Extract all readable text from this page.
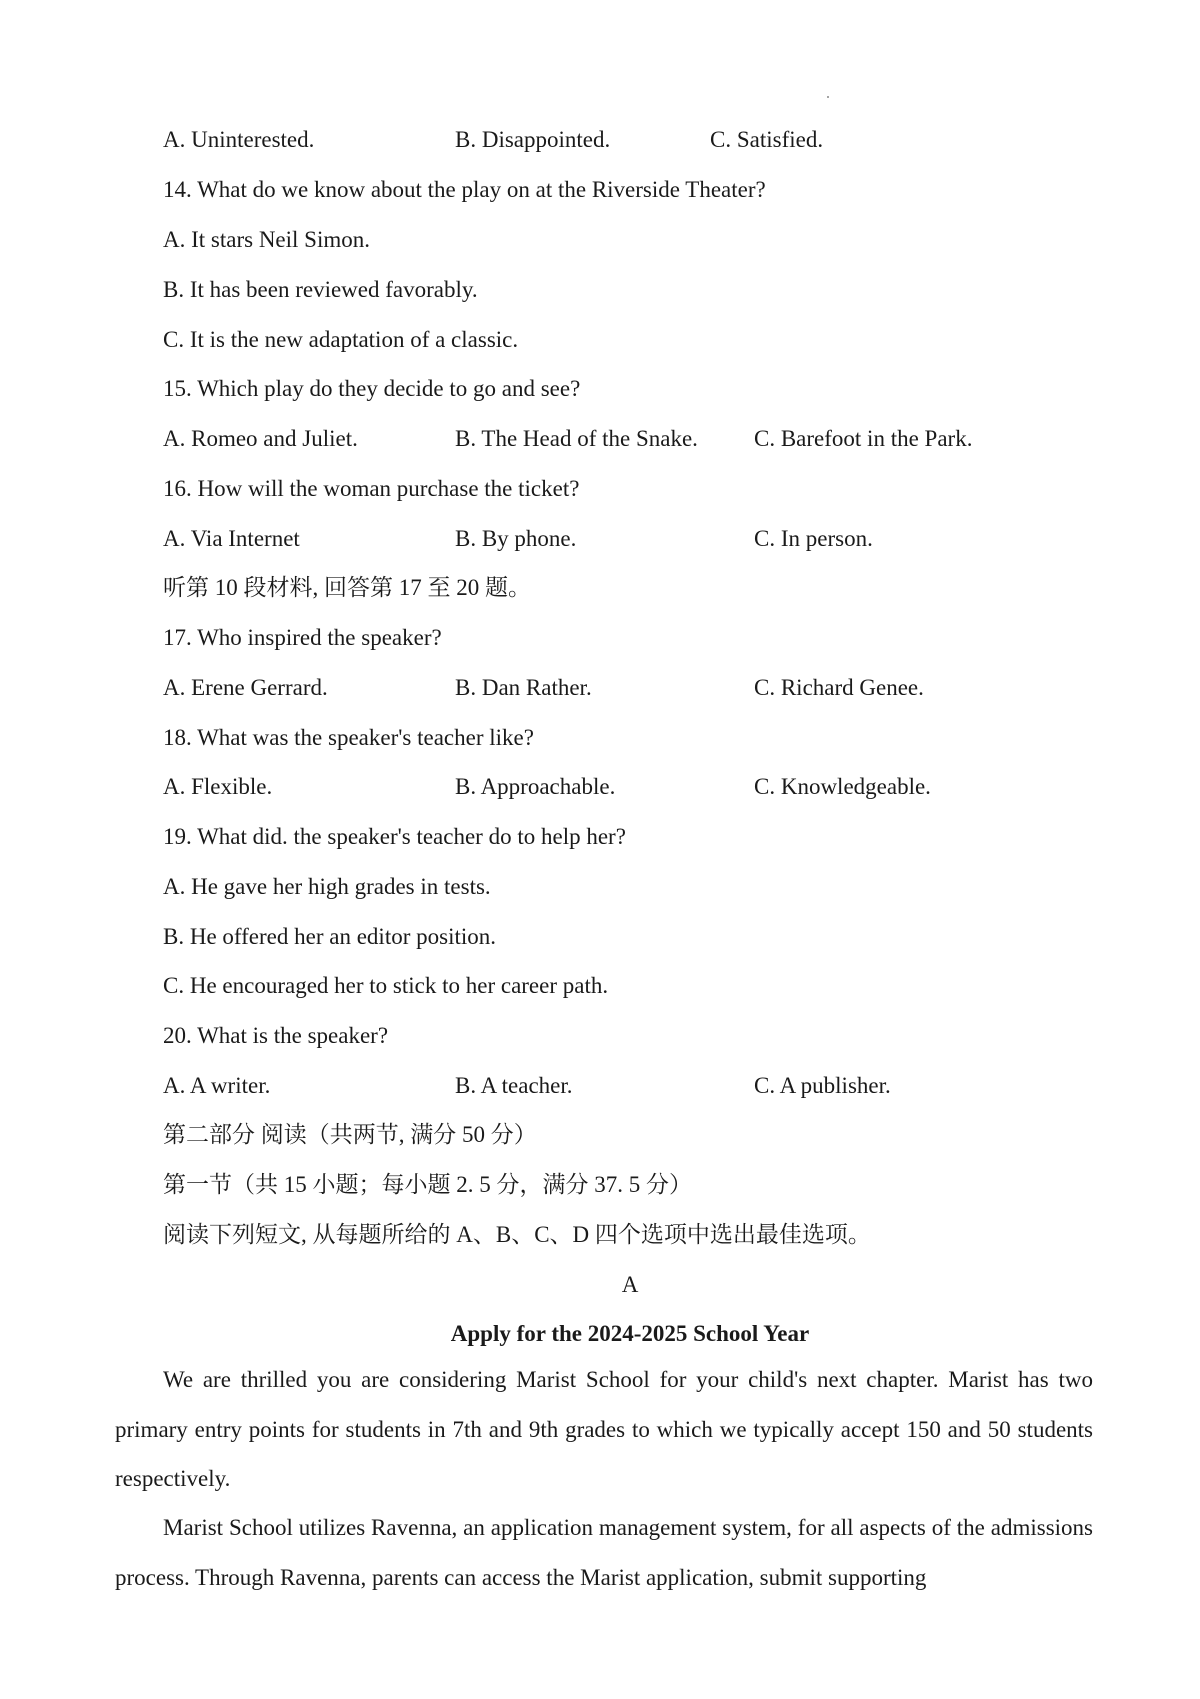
A. Uninterested.	B. Disappointed.	C. Satisfied.
14. What do we know about the play on at the Riverside Theater?
A. It stars Neil Simon.
B. It has been reviewed favorably.
C. It is the new adaptation of a classic.
15. Which play do they decide to go and see?
A. Romeo and Juliet.	B. The Head of the Snake. C. Barefoot in the Park.
16. How will the woman purchase the ticket?
A. Via Internet	B. By phone.	C. In person.
听第 10 段材料, 回答第 17 至 20 题。
17. Who inspired the speaker?
A. Erene Gerrard.	B. Dan Rather.	C. Richard Genee.
18. What was the speaker's teacher like?
A. Flexible.	B. Approachable.	C. Knowledgeable.
19. What did. the speaker's teacher do to help her?
A. He gave her high grades in tests.
B. He offered her an editor position.
C. He encouraged her to stick to her career path.
20. What is the speaker?
A. A writer.	B. A teacher.	C. A publisher.
第二部分 阅读（共两节, 满分 50 分）
第一节（共 15 小题；每小题 2. 5 分，满分 37. 5 分）
阅读下列短文, 从每题所给的 A、B、C、D 四个选项中选出最佳选项。
A
Apply for the 2024-2025 School Year
We are thrilled you are considering Marist School for your child's next chapter. Marist has two primary entry points for students in 7th and 9th grades to which we typically accept 150 and 50 students respectively.
Marist School utilizes Ravenna, an application management system, for all aspects of the admissions process. Through Ravenna, parents can access the Marist application, submit supporting
